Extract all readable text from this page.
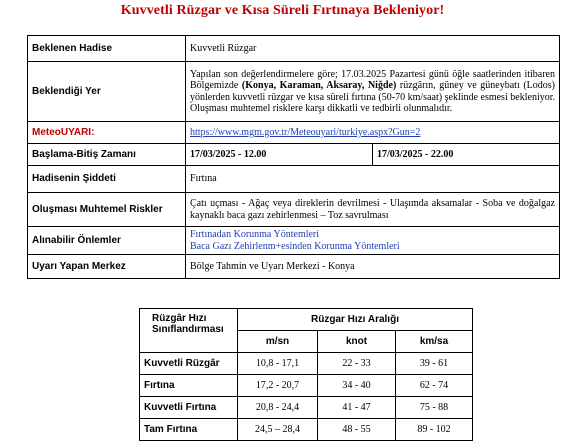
Kuvvetli Rüzgar ve Kısa Süreli Fırtınaya Bekleniyor!
Beklenen Hadise	Kuvvetli Rüzgar	
Beklendiği Yer	Yapılan son değerlendirmelere göre; 17.03.2025 Pazartesi günü öğle saatlerinden itibaren Bölgemizde (Konya, Karaman, Aksaray, Niğde) rüzgârın, güney ve güneybatı (Lodos) yönlerden kuvvetli rüzgar ve kısa süreli fırtına (50-70 km/saat) şeklinde esmesi bekleniyor. Oluşması muhtemel risklere karşı dikkatli ve tedbirli olunmalıdır.	
MeteoUYARI:	https://www.mgm.gov.tr/Meteouyari/turkiye.aspx?Gun=2	
Başlama-Bitiş Zamanı	17/03/2025 - 12.00	17/03/2025 - 22.00
Hadisenin Şiddeti	Fırtına	
Oluşması Muhtemel Riskler	Çatı uçması - Ağaç veya direklerin devrilmesi - Ulaşımda aksamalar - Soba ve doğalgaz kaynaklı baca gazı zehirlenmesi – Toz savrulması	
Alınabilir Önlemler	Fırtınadan Korunma Yöntemleri
Baca Gazı Zehirlenm+esinden Korunma Yöntemleri	

Uyarı Yapan Merkez	Bölge Tahmin ve Uyarı Merkezi - Konya	
Rüzgâr Hızı Sınıflandırması	Rüzgar Hızı Aralığı		
	m/sn	knot	km/sa
Kuvvetli Rüzgâr	10,8 - 17,1	22 - 33	39 - 61
Fırtına	17,2 - 20,7	34 - 40	62 - 74
Kuvvetli Fırtına	20,8 - 24,4	41 - 47	75 - 88
Tam Fırtına	24,5 – 28,4	48 - 55	89 - 102
